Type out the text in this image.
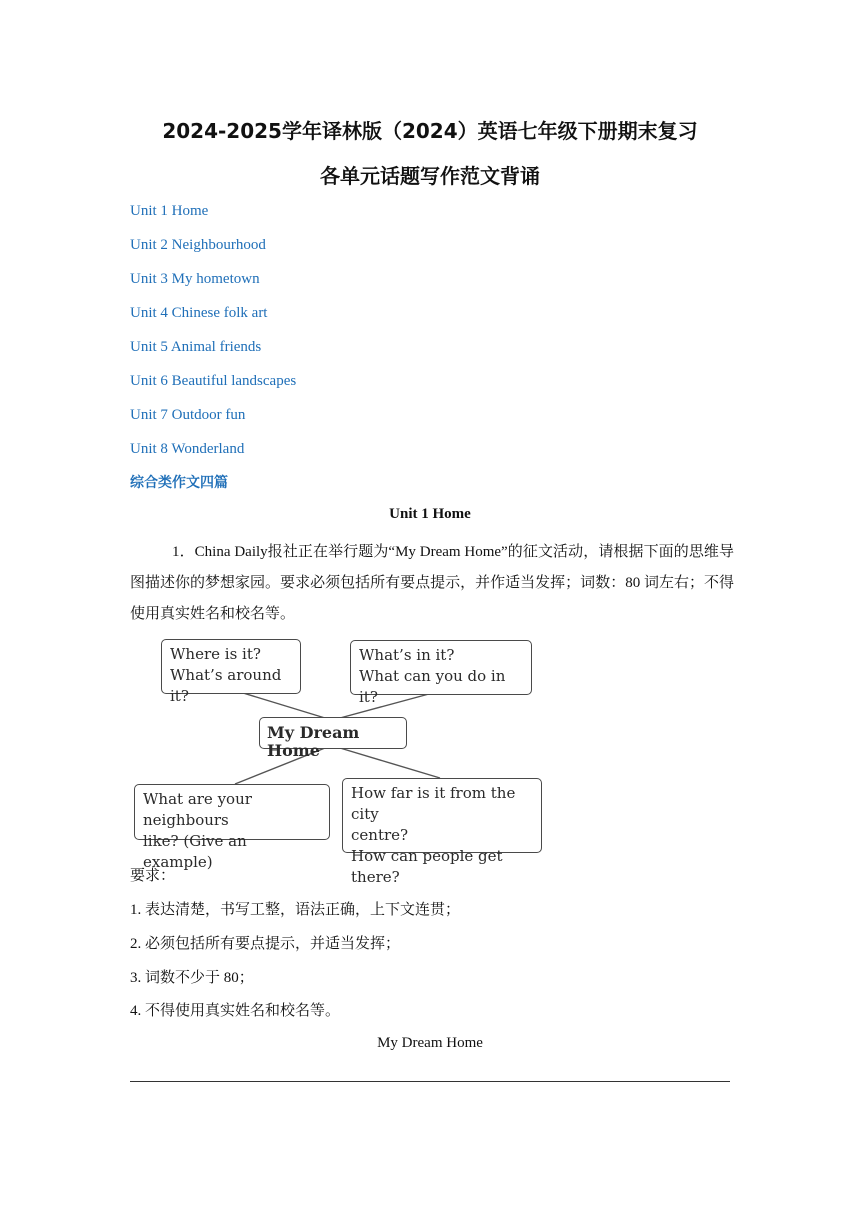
2024-2025学年译林版（2024）英语七年级下册期末复习
各单元话题写作范文背诵
Unit 1 Home
Unit 2 Neighbourhood
Unit 3 My hometown
Unit 4 Chinese folk art
Unit 5 Animal friends
Unit 6 Beautiful landscapes
Unit 7 Outdoor fun
Unit 8 Wonderland
综合类作文四篇
Unit 1 Home

1．China Daily报社正在举行题为“My Dream Home”的征文活动，请根据下面的思维导图描述你的梦想家园。要求必须包括所有要点提示，并作适当发挥；词数：80 词左右；不得使用真实姓名和校名等。

Where is it?
What’s around it?
What’s in it?
What can you do in it?
My Dream Home
What are your neighbours
like? (Give an example)
How far is it from the city
centre?
How can people get there?
要求：
1. 表达清楚，书写工整，语法正确，上下文连贯；
2. 必须包括所有要点提示，并适当发挥；
3. 词数不少于 80；
4. 不得使用真实姓名和校名等。
My Dream Home
